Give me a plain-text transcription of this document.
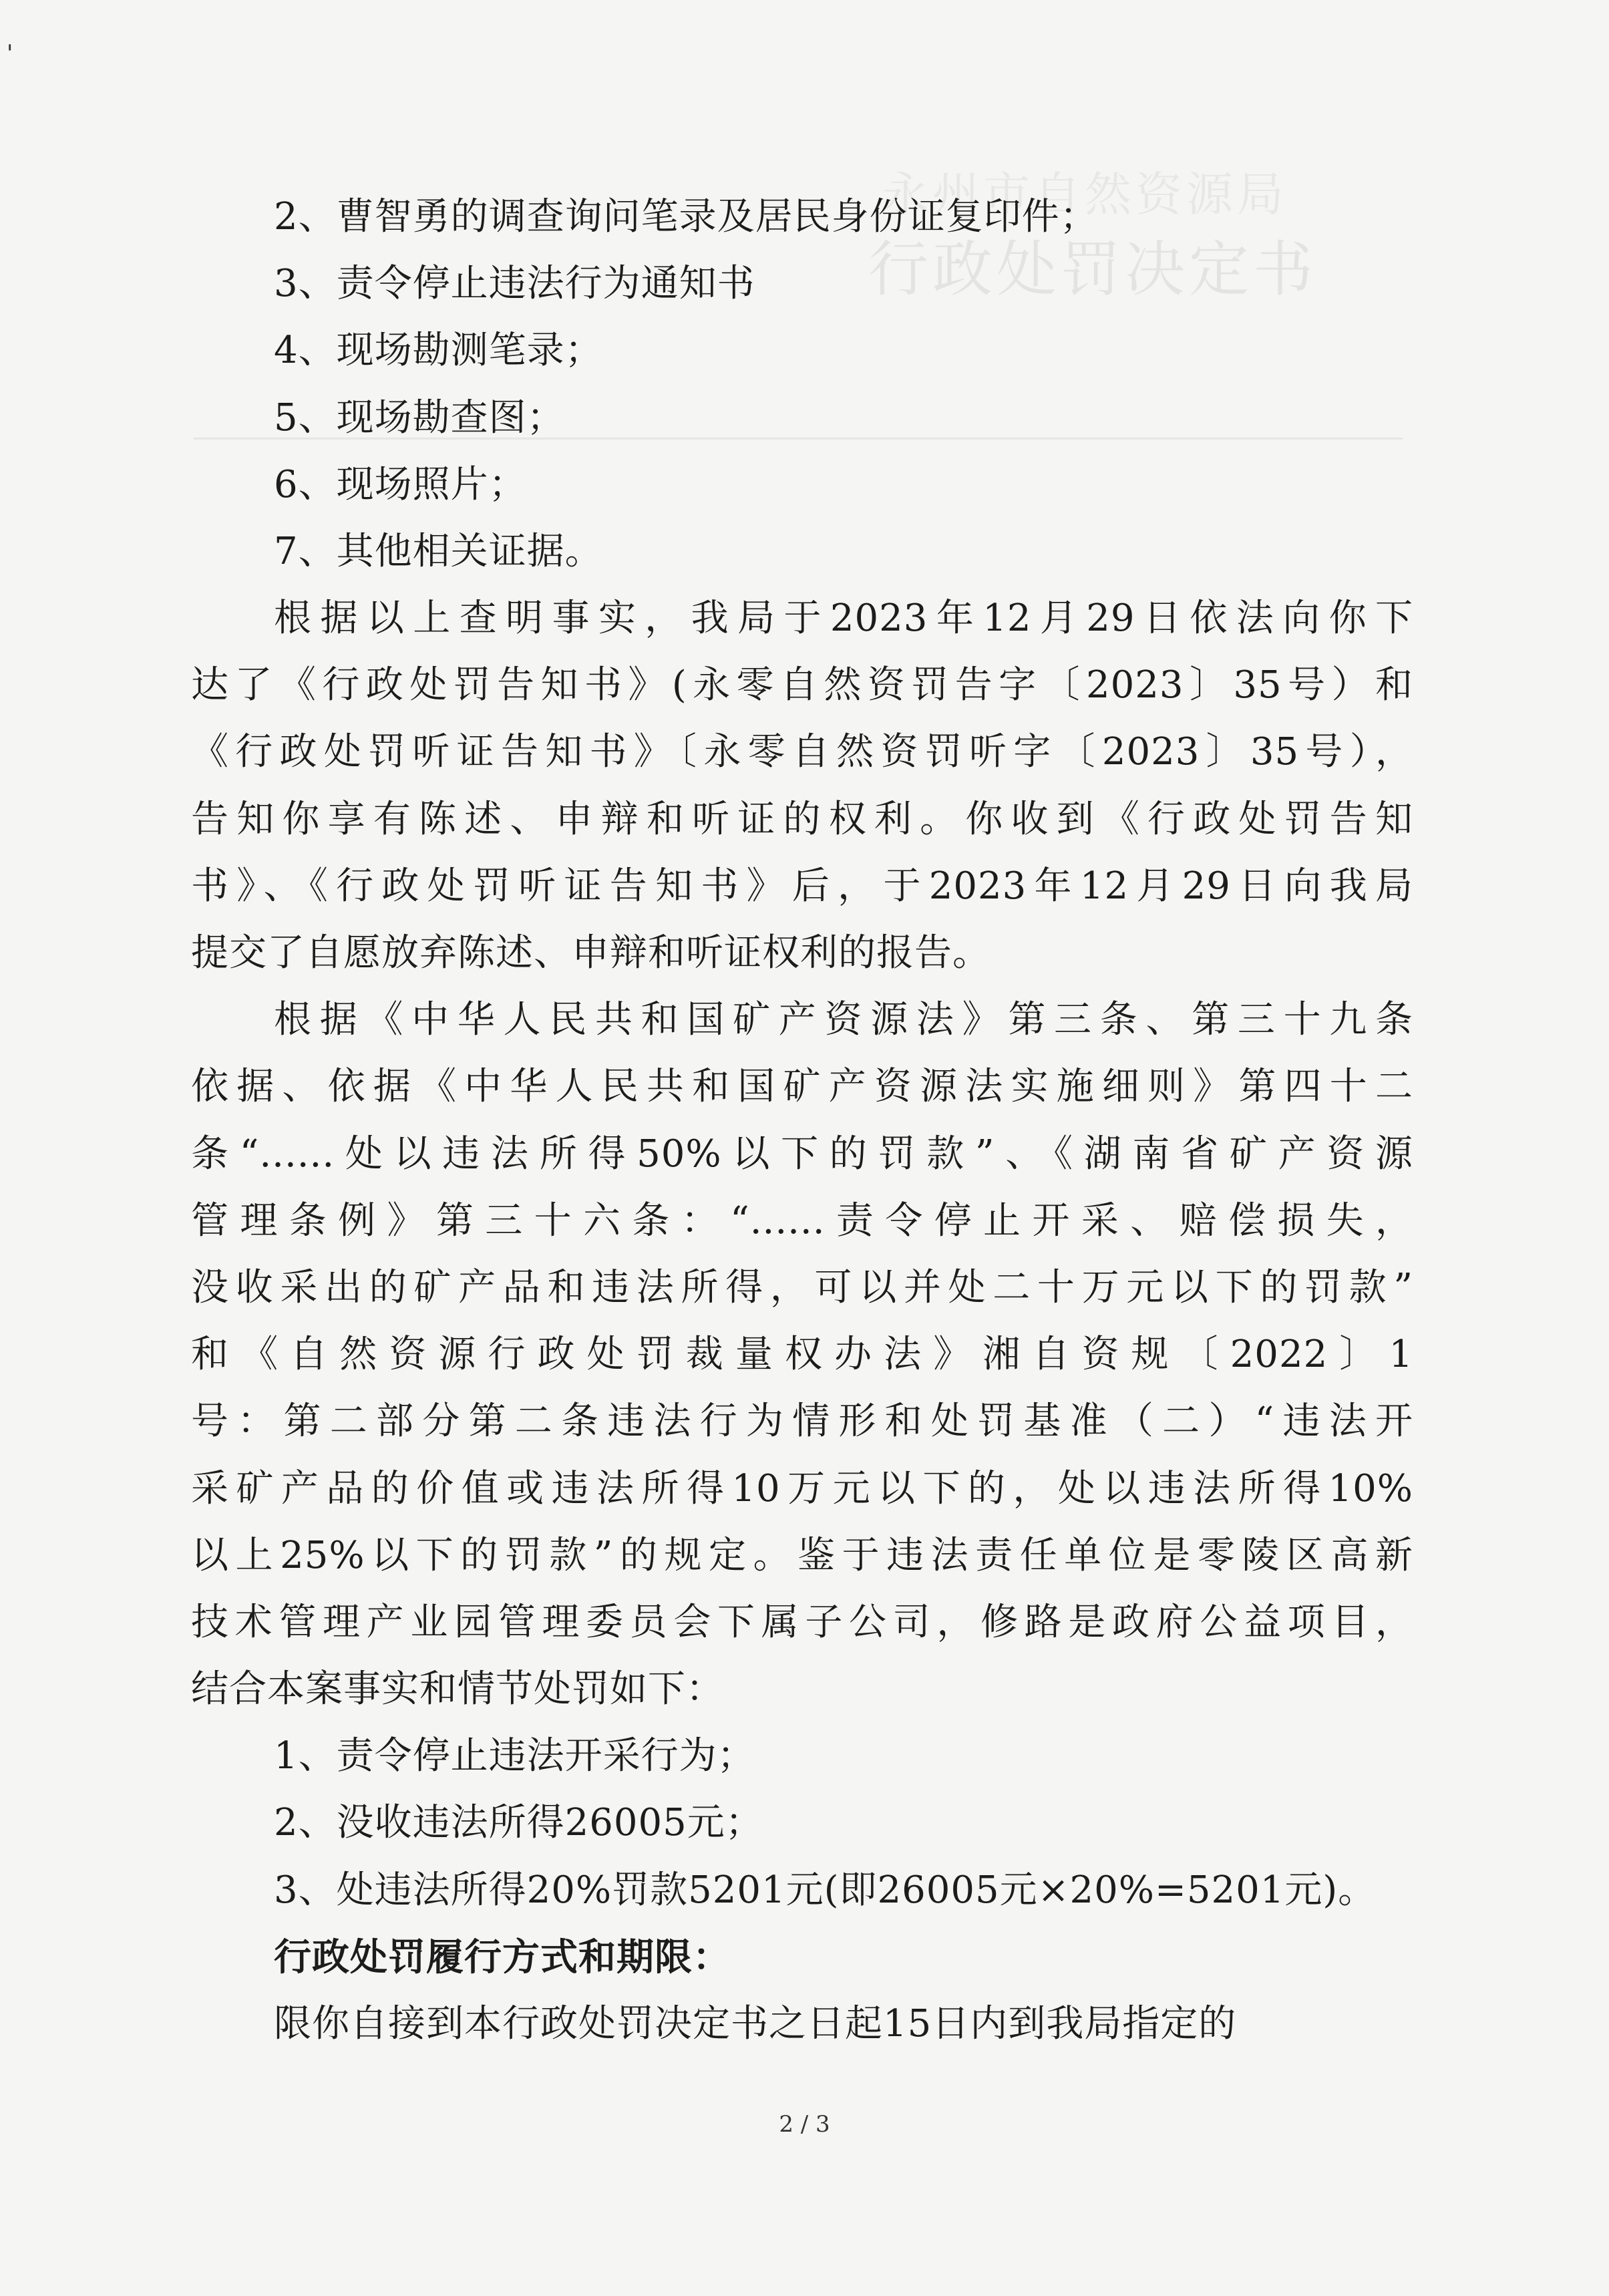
'
永州市自然资源局
行政处罚决定书
2、曹智勇的调查询问笔录及居民身份证复印件；
3、责令停止违法行为通知书
4、现场勘测笔录；
5、现场勘查图；
6、现场照片；
7、其他相关证据。
根据以上查明事实，我局于2023年12月29日依法向你下
达了《行政处罚告知书》(永零自然资罚告字〔2023〕35号）和
《行政处罚听证告知书》〔永零自然资罚听字〔2023〕35号），
告知你享有陈述、申辩和听证的权利。你收到《行政处罚告知
书》、《行政处罚听证告知书》后，于2023年12月29日向我局
提交了自愿放弃陈述、申辩和听证权利的报告。
根据《中华人民共和国矿产资源法》第三条、第三十九条
依据、依据《中华人民共和国矿产资源法实施细则》第四十二
条“......处以违法所得50%以下的罚款”、《湖南省矿产资源
管理条例》第三十六条：“......责令停止开采、赔偿损失，
没收采出的矿产品和违法所得，可以并处二十万元以下的罚款”
和《自然资源行政处罚裁量权办法》湘自资规〔2022〕1
号：第二部分第二条违法行为情形和处罚基准（二）“违法开
采矿产品的价值或违法所得10万元以下的，处以违法所得10%
以上25%以下的罚款”的规定。鉴于违法责任单位是零陵区高新
技术管理产业园管理委员会下属子公司，修路是政府公益项目，
结合本案事实和情节处罚如下：
1、责令停止违法开采行为；
2、没收违法所得26005元；
3、处违法所得20%罚款5201元(即26005元×20%=5201元)。
行政处罚履行方式和期限：
限你自接到本行政处罚决定书之日起15日内到我局指定的
2 / 3
